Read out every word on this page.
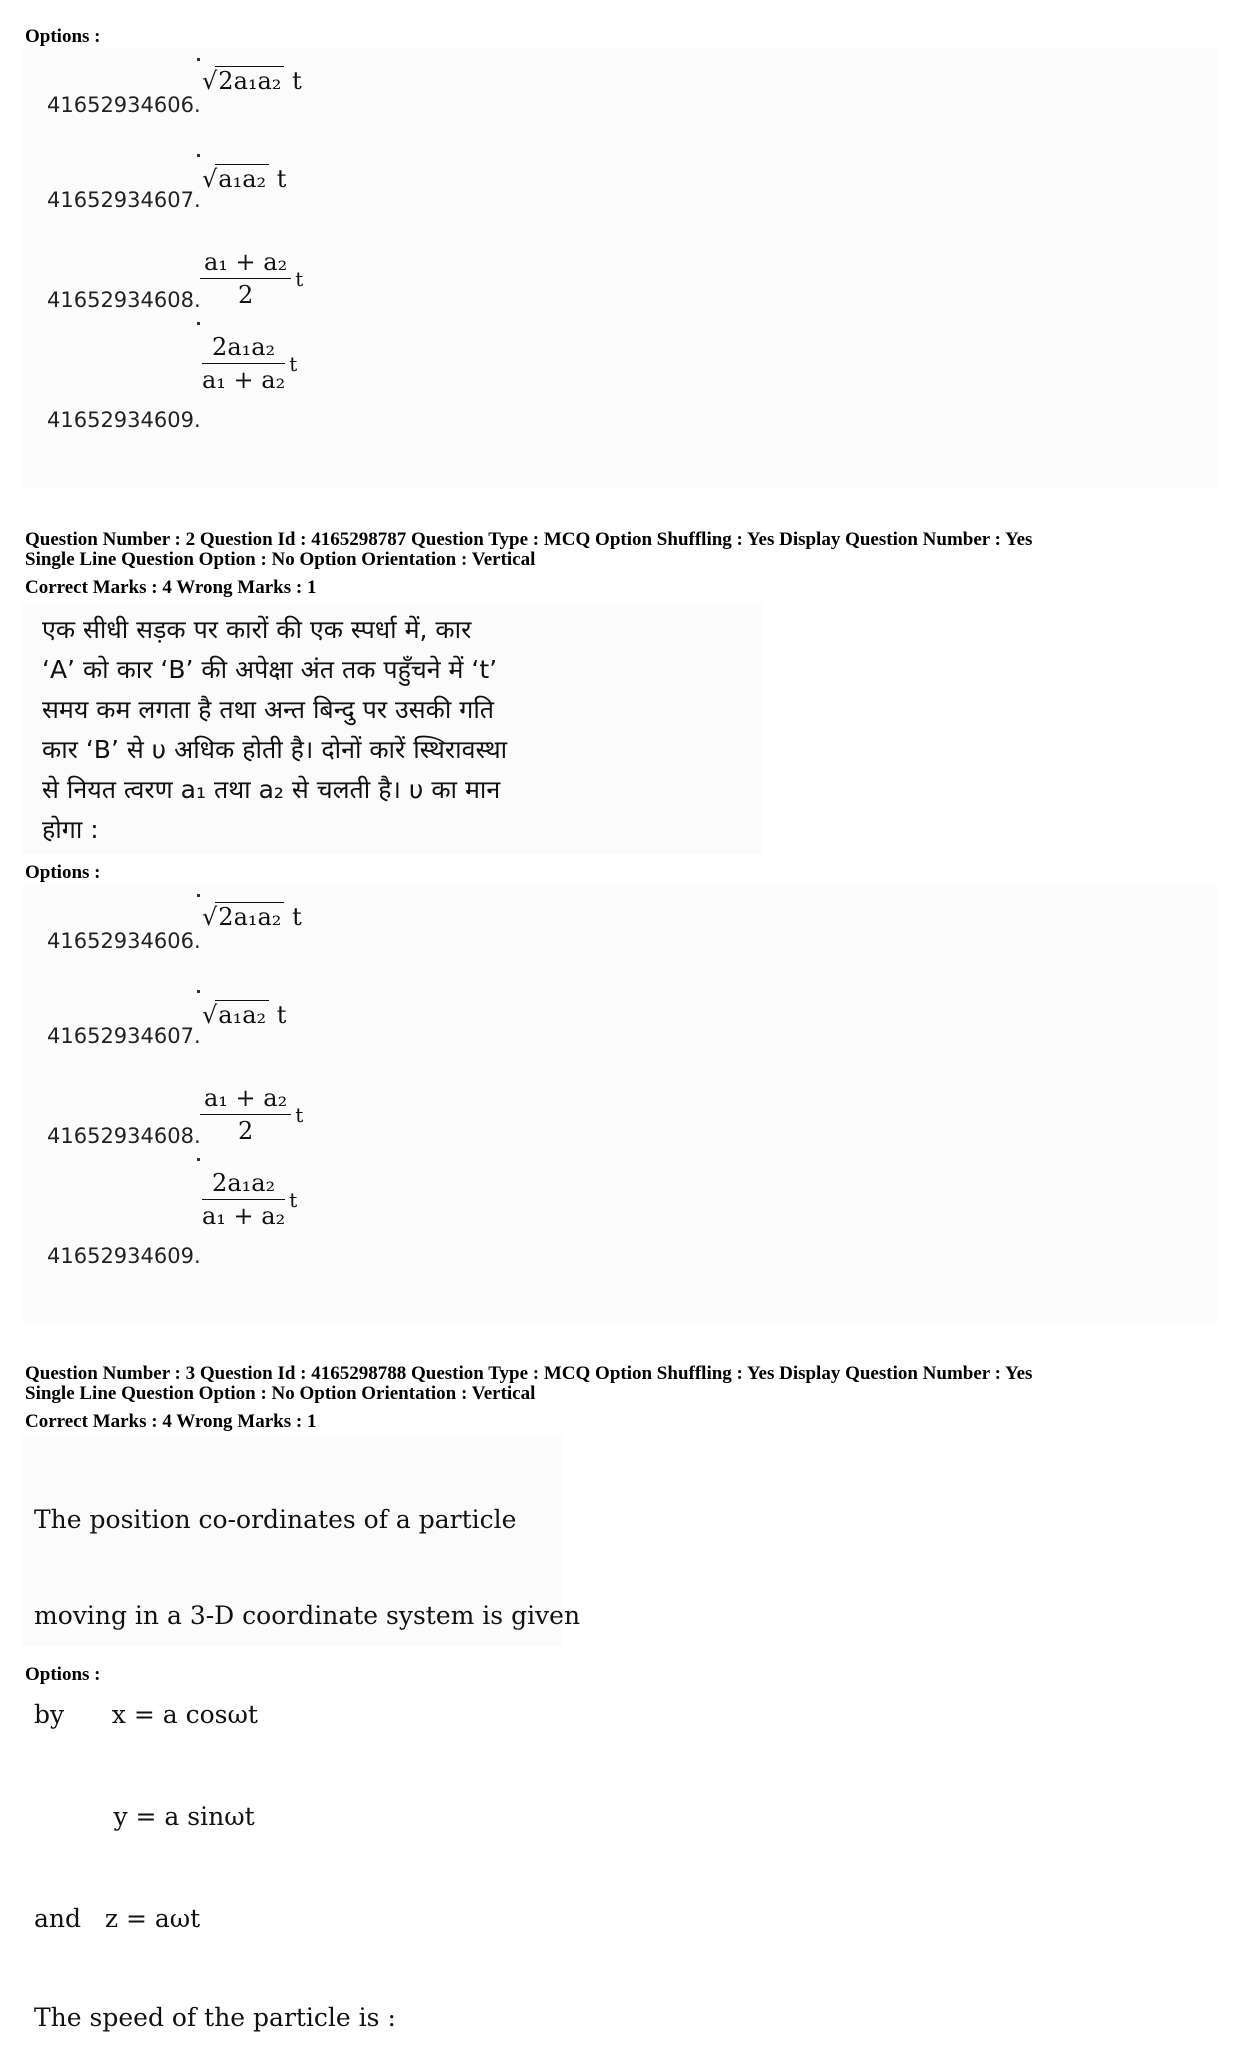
Options :
41652934606.
√2a₁a₂ t
41652934607.
√a₁a₂ t
41652934608. $\frac{\text{a₁ + a₂}}{2}$ t
41652934609.
$\frac{\text{2a₁a₂}}{\text{a₁ + a₂}}$ t
Question Number : 2 Question Id : 4165298787 Question Type : MCQ Option Shuffling : Yes Display Question Number : Yes
Single Line Question Option : No Option Orientation : Vertical
Correct Marks : 4 Wrong Marks : 1
एक सीधी सड़क पर कारों की एक स्पर्धा में, कार
‘A’ को कार ‘B’ की अपेक्षा अंत तक पहुँचने में ‘t’
समय कम लगता है तथा अन्त बिन्दु पर उसकी गति
कार ‘B’ से υ अधिक होती है। दोनों कारें स्थिरावस्था
से नियत त्वरण a₁ तथा a₂ से चलती है। υ का मान
होगा :
Options :
41652934606.
√2a₁a₂ t
41652934607.
√a₁a₂ t
41652934608. $\frac{\text{a₁ + a₂}}{2}$ t
41652934609.
$\frac{\text{2a₁a₂}}{\text{a₁ + a₂}}$ t
Question Number : 3 Question Id : 4165298788 Question Type : MCQ Option Shuffling : Yes Display Question Number : Yes
Single Line Question Option : No Option Orientation : Vertical
Correct Marks : 4 Wrong Marks : 1

The position co-ordinates of a particle

moving in a 3-D coordinate system is given

by      x = a cosωt

y = a sinωt

and   z = aωt

The speed of the particle is :

Options :
